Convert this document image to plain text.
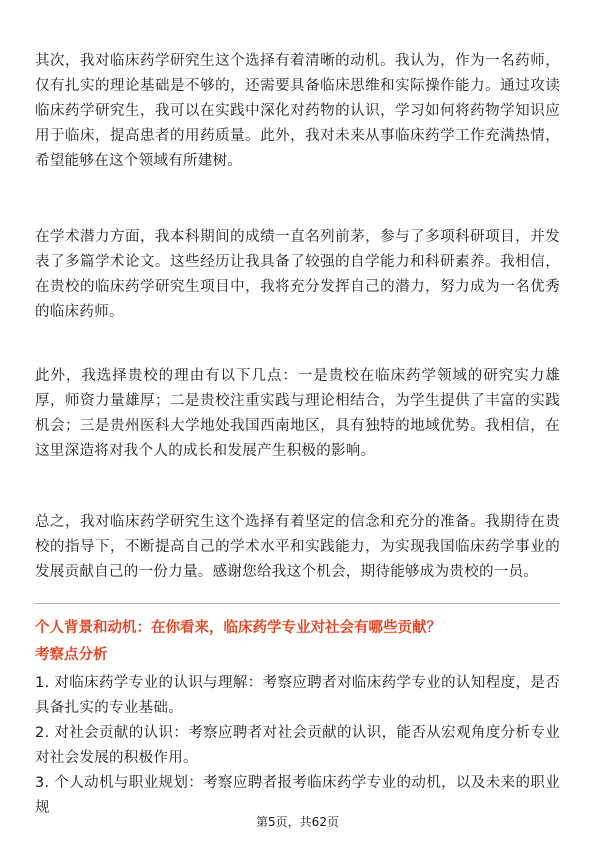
其次，我对临床药学研究生这个选择有着清晰的动机。我认为，作为一名药师，仅有扎实的理论基础是不够的，还需要具备临床思维和实际操作能力。通过攻读临床药学研究生，我可以在实践中深化对药物的认识，学习如何将药物学知识应用于临床，提高患者的用药质量。此外，我对未来从事临床药学工作充满热情，希望能够在这个领域有所建树。

在学术潜力方面，我本科期间的成绩一直名列前茅，参与了多项科研项目，并发表了多篇学术论文。这些经历让我具备了较强的自学能力和科研素养。我相信，在贵校的临床药学研究生项目中，我将充分发挥自己的潜力，努力成为一名优秀的临床药师。

此外，我选择贵校的理由有以下几点：一是贵校在临床药学领域的研究实力雄厚，师资力量雄厚；二是贵校注重实践与理论相结合，为学生提供了丰富的实践机会；三是贵州医科大学地处我国西南地区，具有独特的地域优势。我相信，在这里深造将对我个人的成长和发展产生积极的影响。

总之，我对临床药学研究生这个选择有着坚定的信念和充分的准备。我期待在贵校的指导下，不断提高自己的学术水平和实践能力，为实现我国临床药学事业的发展贡献自己的一份力量。感谢您给我这个机会，期待能够成为贵校的一员。

个人背景和动机：在你看来，临床药学专业对社会有哪些贡献？

考察点分析

1. 对临床药学专业的认识与理解：考察应聘者对临床药学专业的认知程度，是否具备扎实的专业基础。
2. 对社会贡献的认识：考察应聘者对社会贡献的认识，能否从宏观角度分析专业对社会发展的积极作用。
3. 个人动机与职业规划：考察应聘者报考临床药学专业的动机，以及未来的职业规
第5页，共62页
